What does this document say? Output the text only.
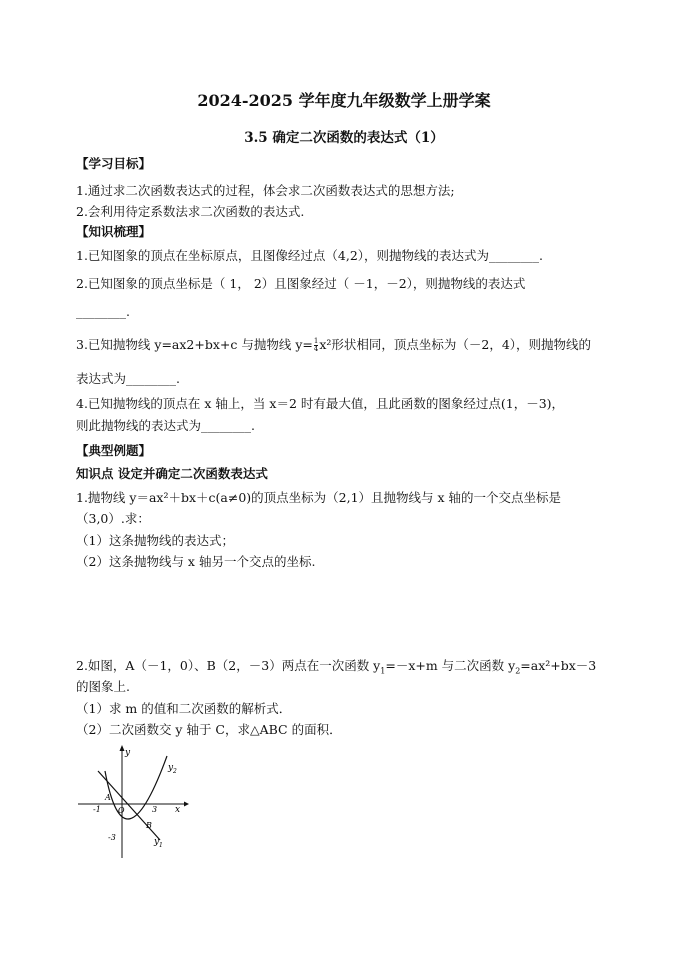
2024-2025 学年度九年级数学上册学案
3.5 确定二次函数的表达式（1）
【学习目标】
1.通过求二次函数表达式的过程，体会求二次函数表达式的思想方法;
2.会利用待定系数法求二次函数的表达式.
【知识梳理】
1.已知图象的顶点在坐标原点，且图像经过点（4,2），则抛物线的表达式为________.
2.已知图象的顶点坐标是（ 1， 2）且图象经过（ －1，－2），则抛物线的表达式
________.
3.已知抛物线 y=ax2+bx+c 与抛物线 $y= \frac{1}{4} x^2$形状相同，顶点坐标为（－2，4），则抛物线的
表达式为________.
4.已知抛物线的顶点在 x 轴上，当 x＝2 时有最大值，且此函数的图象经过点(1，－3)，
则此抛物线的表达式为________.
【典型例题】
知识点 设定并确定二次函数表达式
1.抛物线 y＝ax²＋bx＋c(a≠0)的顶点坐标为（2,1）且抛物线与 x 轴的一个交点坐标是
（3,0）.求：
（1）这条抛物线的表达式；
（2）这条抛物线与 x 轴另一个交点的坐标.
2.如图，A（－1，0）、B（2，－3）两点在一次函数 $y_1=-x+m$ 与二次函数 $y_2=ax^2+bx-3$
的图象上.
（1）求 m 的值和二次函数的解析式．
（2）二次函数交 y 轴于 C，求△ABC 的面积．
y
x
y 2
y 1
A
O
B
-1	3
-3
